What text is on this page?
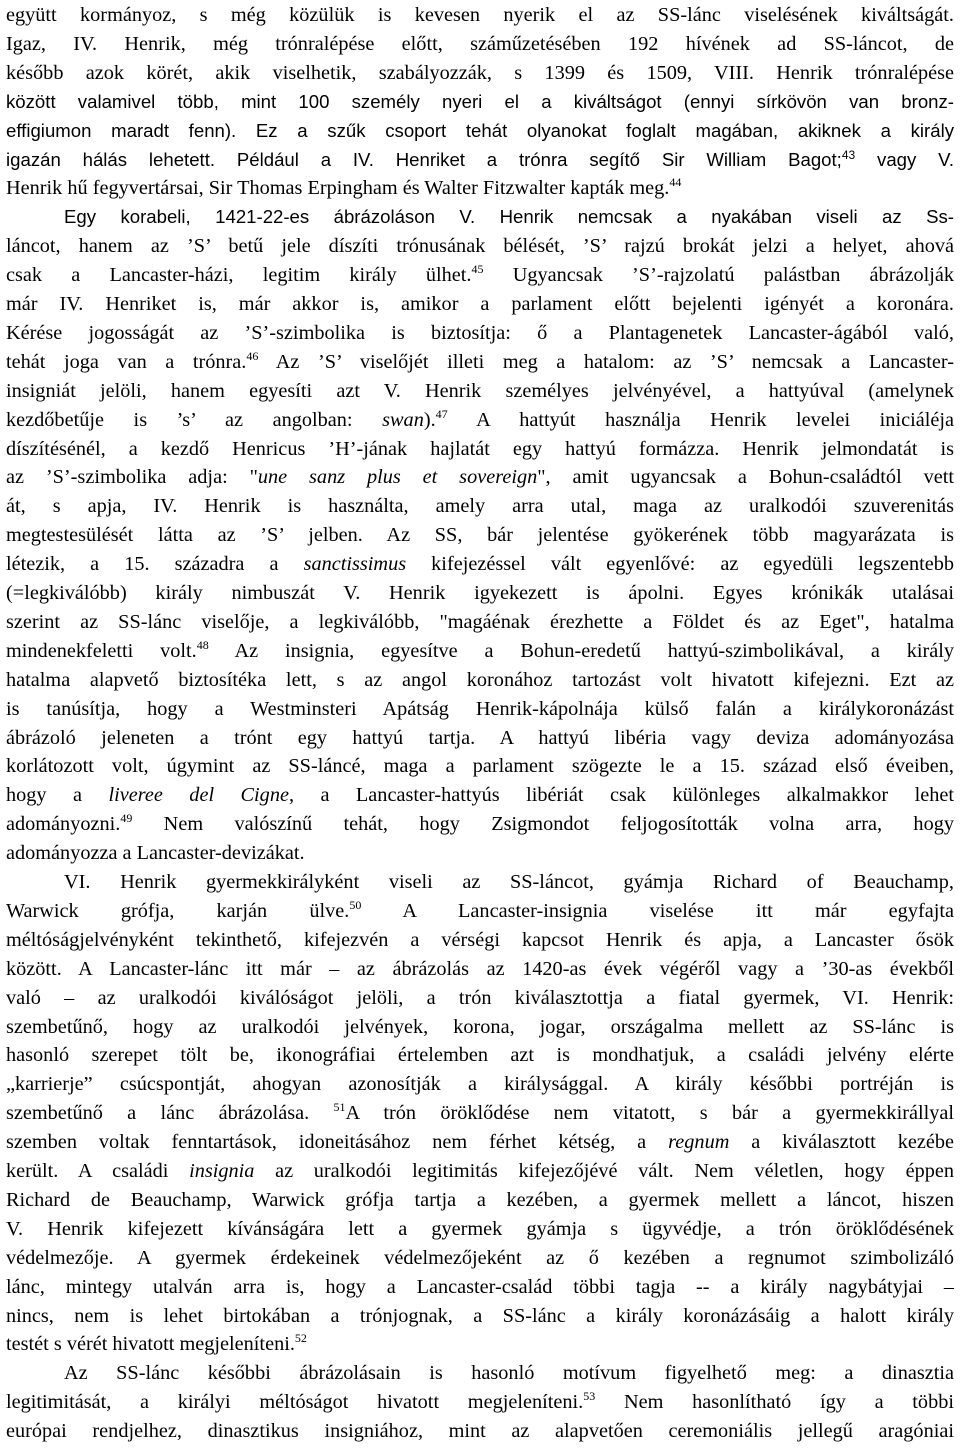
együtt kormányoz, s még közülük is kevesen nyerik el az SS-lánc viselésének kiváltságát.
Igaz, IV. Henrik, még trónralépése előtt, száműzetésében 192 hívének ad SS-láncot, de
később azok körét, akik viselhetik, szabályozzák, s 1399 és 1509, VIII. Henrik trónralépése
között valamivel több, mint 100 személy nyeri el a kiváltságot (ennyi sírkövön van bronz-
effigiumon maradt fenn). Ez a szűk csoport tehát olyanokat foglalt magában, akiknek a király
igazán hálás lehetett. Például a IV. Henriket a trónra segítő Sir William Bagot;$^{43}$ vagy V.
Henrik hű fegyvertársai, Sir Thomas Erpingham és Walter Fitzwalter kapták meg.$^{44}$
Egy korabeli, 1421-22-es ábrázoláson V. Henrik nemcsak a nyakában viseli az Ss-
láncot, hanem az ’S’ betű jele díszíti trónusának bélését, ’S’ rajzú brokát jelzi a helyet, ahová
csak a Lancaster-házi, legitim király ülhet.$^{45}$ Ugyancsak ’S’-rajzolatú palástban ábrázolják
már IV. Henriket is, már akkor is, amikor a parlament előtt bejelenti igényét a koronára.
Kérése jogosságát az ’S’-szimbolika is biztosítja: ő a Plantagenetek Lancaster-ágából való,
tehát joga van a trónra.$^{46}$ Az ’S’ viselőjét illeti meg a hatalom: az ’S’ nemcsak a Lancaster-
insigniát jelöli, hanem egyesíti azt V. Henrik személyes jelvényével, a hattyúval (amelynek
kezdőbetűje is ’s’ az angolban: swan).$^{47}$ A hattyút használja Henrik levelei iniciáléja
díszítésénél, a kezdő Henricus ’H’-jának hajlatát egy hattyú formázza. Henrik jelmondatát is
az ’S’-szimbolika adja: "une sanz plus et sovereign", amit ugyancsak a Bohun-családtól vett
át, s apja, IV. Henrik is használta, amely arra utal, maga az uralkodói szuverenitás
megtestesülését látta az ’S’ jelben. Az SS, bár jelentése gyökerének több magyarázata is
létezik, a 15. századra a sanctissimus kifejezéssel vált egyenlővé: az egyedüli legszentebb
(=legkiválóbb) király nimbuszát V. Henrik igyekezett is ápolni. Egyes krónikák utalásai
szerint az SS-lánc viselője, a legkiválóbb, "magáénak érezhette a Földet és az Eget", hatalma
mindenekfeletti volt.$^{48}$ Az insignia, egyesítve a Bohun-eredetű hattyú-szimbolikával, a király
hatalma alapvető biztosítéka lett, s az angol koronához tartozást volt hivatott kifejezni. Ezt az
is tanúsítja, hogy a Westminsteri Apátság Henrik-kápolnája külső falán a királykoronázást
ábrázoló jeleneten a trónt egy hattyú tartja. A hattyú libéria vagy deviza adományozása
korlátozott volt, úgymint az SS-láncé, maga a parlament szögezte le a 15. század első éveiben,
hogy a liveree del Cigne, a Lancaster-hattyús libériát csak különleges alkalmakkor lehet
adományozni.$^{49}$ Nem valószínű tehát, hogy Zsigmondot feljogosították volna arra, hogy
adományozza a Lancaster-devizákat.
VI. Henrik gyermekkirályként viseli az SS-láncot, gyámja Richard of Beauchamp,
Warwick grófja, karján ülve.$^{50}$ A Lancaster-insignia viselése itt már egyfajta
méltóságjelvényként tekinthető, kifejezvén a vérségi kapcsot Henrik és apja, a Lancaster ősök
között. A Lancaster-lánc itt már – az ábrázolás az 1420-as évek végéről vagy a ’30-as évekből
való – az uralkodói kiválóságot jelöli, a trón kiválasztottja a fiatal gyermek, VI. Henrik:
szembetűnő, hogy az uralkodói jelvények, korona, jogar, országalma mellett az SS-lánc is
hasonló szerepet tölt be, ikonográfiai értelemben azt is mondhatjuk, a családi jelvény elérte
„karrierje” csúcspontját, ahogyan azonosítják a királysággal. A király későbbi portréján is
szembetűnő a lánc ábrázolása. $^{51}$A trón öröklődése nem vitatott, s bár a gyermekkirállyal
szemben voltak fenntartások, idoneitásához nem férhet kétség, a regnum a kiválasztott kezébe
került. A családi insignia az uralkodói legitimitás kifejezőjévé vált. Nem véletlen, hogy éppen
Richard de Beauchamp, Warwick grófja tartja a kezében, a gyermek mellett a láncot, hiszen
V. Henrik kifejezett kívánságára lett a gyermek gyámja s ügyvédje, a trón öröklődésének
védelmezője. A gyermek érdekeinek védelmezőjeként az ő kezében a regnumot szimbolizáló
lánc, mintegy utalván arra is, hogy a Lancaster-család többi tagja -- a király nagybátyjai –
nincs, nem is lehet birtokában a trónjognak, a SS-lánc a király koronázásáig a halott király
testét s vérét hivatott megjeleníteni.$^{52}$
Az SS-lánc későbbi ábrázolásain is hasonló motívum figyelhető meg: a dinasztia
legitimitását, a királyi méltóságot hivatott megjeleníteni.$^{53}$ Nem hasonlítható így a többi
európai rendjelhez, dinasztikus insigniához, mint az alapvetően ceremoniális jellegű aragóniai
